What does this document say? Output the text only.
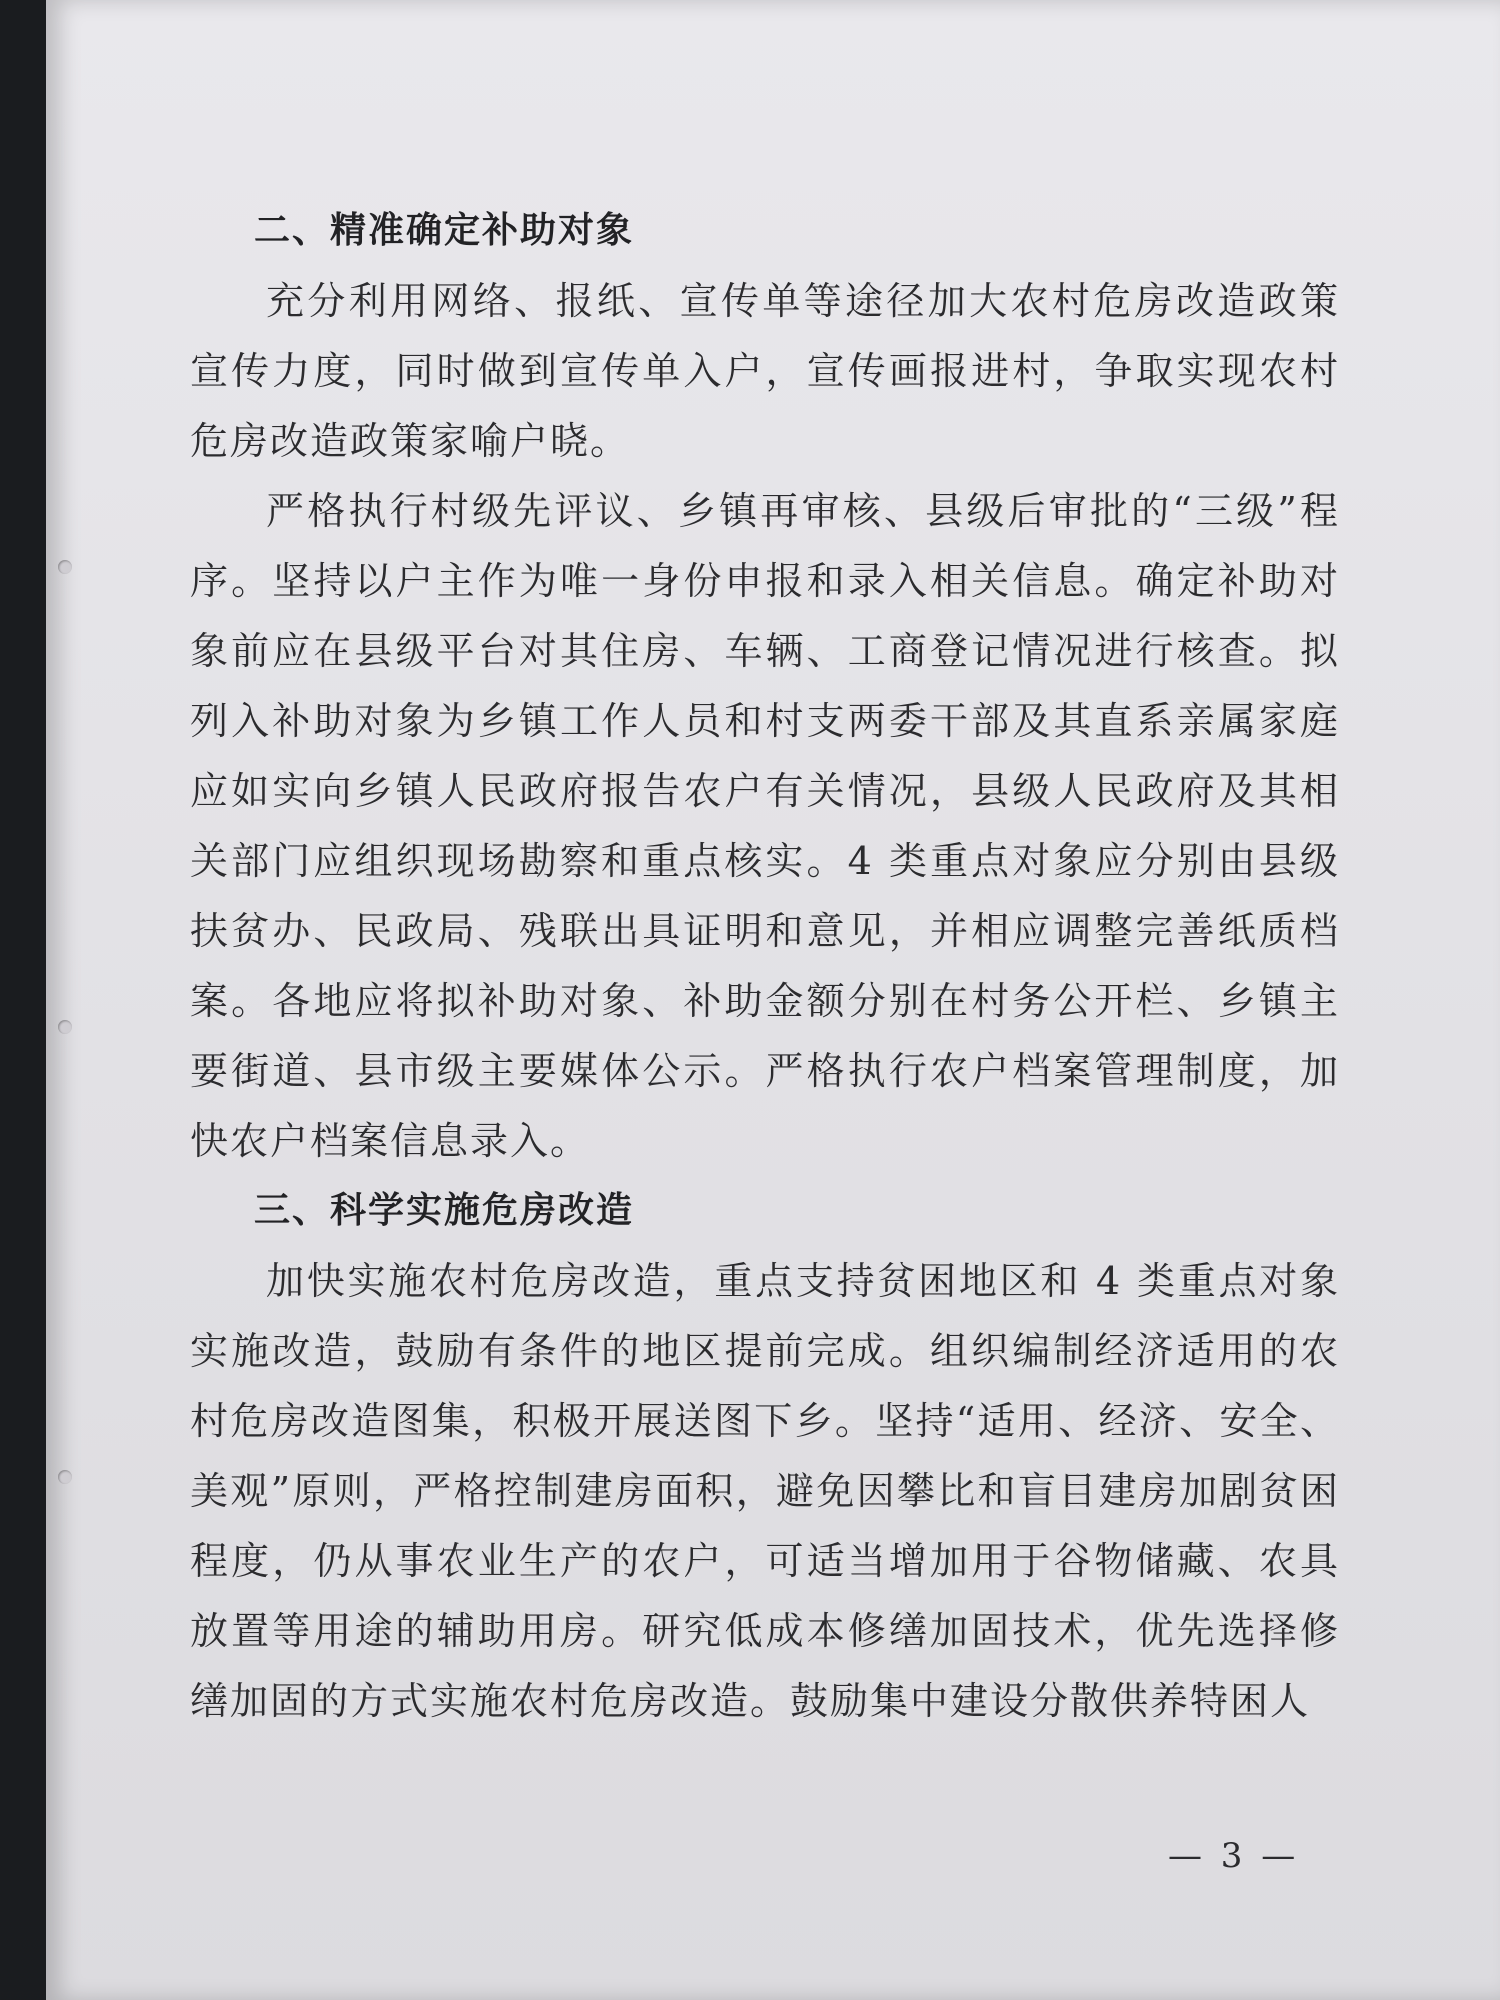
二、精准确定补助对象

充分利用网络、报纸、宣传单等途径加大农村危房改造政策宣传力度，同时做到宣传单入户，宣传画报进村，争取实现农村危房改造政策家喻户晓。

严格执行村级先评议、乡镇再审核、县级后审批的“三级”程序。坚持以户主作为唯一身份申报和录入相关信息。确定补助对象前应在县级平台对其住房、车辆、工商登记情况进行核查。拟列入补助对象为乡镇工作人员和村支两委干部及其直系亲属家庭应如实向乡镇人民政府报告农户有关情况，县级人民政府及其相关部门应组织现场勘察和重点核实。4 类重点对象应分别由县级扶贫办、民政局、残联出具证明和意见，并相应调整完善纸质档案。各地应将拟补助对象、补助金额分别在村务公开栏、乡镇主要街道、县市级主要媒体公示。严格执行农户档案管理制度，加快农户档案信息录入。

三、科学实施危房改造

加快实施农村危房改造，重点支持贫困地区和 4 类重点对象实施改造，鼓励有条件的地区提前完成。组织编制经济适用的农村危房改造图集，积极开展送图下乡。坚持“适用、经济、安全、美观”原则，严格控制建房面积，避免因攀比和盲目建房加剧贫困程度，仍从事农业生产的农户，可适当增加用于谷物储藏、农具放置等用途的辅助用房。研究低成本修缮加固技术，优先选择修缮加固的方式实施农村危房改造。鼓励集中建设分散供养特困人

— 3 —
